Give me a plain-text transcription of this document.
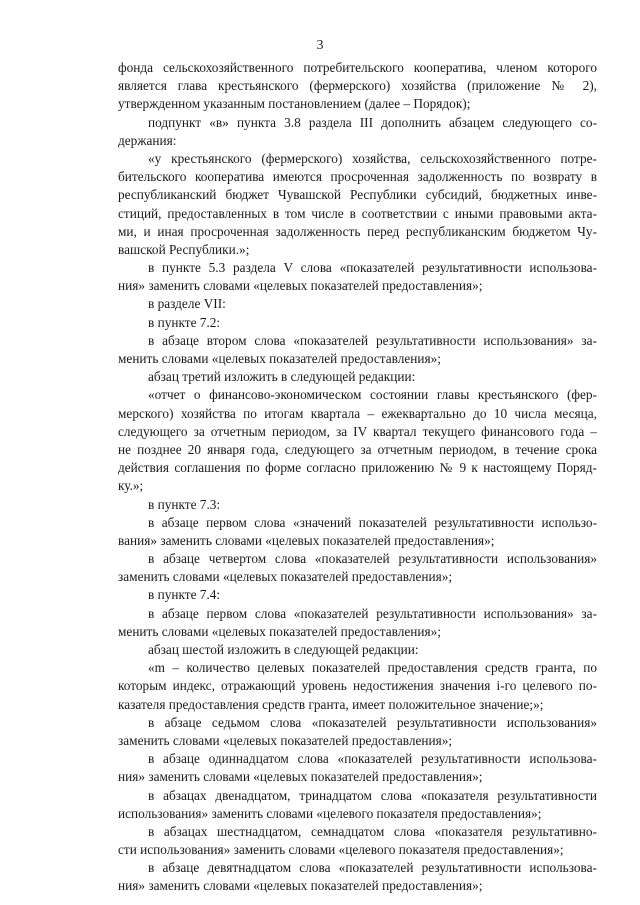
3
фонда сельскохозяйственного потребительского кооператива, членом которого
является глава крестьянского (фермерского) хозяйства (приложение № 2),
утвержденном указанным постановлением (далее – Порядок);
подпункт «в» пункта 3.8 раздела III дополнить абзацем следующего со-
держания:
«у крестьянского (фермерского) хозяйства, сельскохозяйственного потре-
бительского кооператива имеются просроченная задолженность по возврату в
республиканский бюджет Чувашской Республики субсидий, бюджетных инве-
стиций, предоставленных в том числе в соответствии с иными правовыми акта-
ми, и иная просроченная задолженность перед республиканским бюджетом Чу-
вашской Республики.»;
в пункте 5.3 раздела V слова «показателей результативности использова-
ния» заменить словами «целевых показателей предоставления»;
в разделе VII:
в пункте 7.2:
в абзаце втором слова «показателей результативности использования» за-
менить словами «целевых показателей предоставления»;
абзац третий изложить в следующей редакции:
«отчет о финансово-экономическом состоянии главы крестьянского (фер-
мерского) хозяйства по итогам квартала – ежеквартально до 10 числа месяца,
следующего за отчетным периодом, за IV квартал текущего финансового года –
не позднее 20 января года, следующего за отчетным периодом, в течение срока
действия соглашения по форме согласно приложению № 9 к настоящему Поряд-
ку.»;
в пункте 7.3:
в абзаце первом слова «значений показателей результативности использо-
вания» заменить словами «целевых показателей предоставления»;
в абзаце четвертом слова «показателей результативности использования»
заменить словами «целевых показателей предоставления»;
в пункте 7.4:
в абзаце первом слова «показателей результативности использования» за-
менить словами «целевых показателей предоставления»;
абзац шестой изложить в следующей редакции:
«m – количество целевых показателей предоставления средств гранта, по
которым индекс, отражающий уровень недостижения значения i-го целевого по-
казателя предоставления средств гранта, имеет положительное значение;»;
в абзаце седьмом слова «показателей результативности использования»
заменить словами «целевых показателей предоставления»;
в абзаце одиннадцатом слова «показателей результативности использова-
ния» заменить словами «целевых показателей предоставления»;
в абзацах двенадцатом, тринадцатом слова «показателя результативности
использования» заменить словами «целевого показателя предоставления»;
в абзацах шестнадцатом, семнадцатом слова «показателя результативно-
сти использования» заменить словами «целевого показателя предоставления»;
в абзаце девятнадцатом слова «показателей результативности использова-
ния» заменить словами «целевых показателей предоставления»;
